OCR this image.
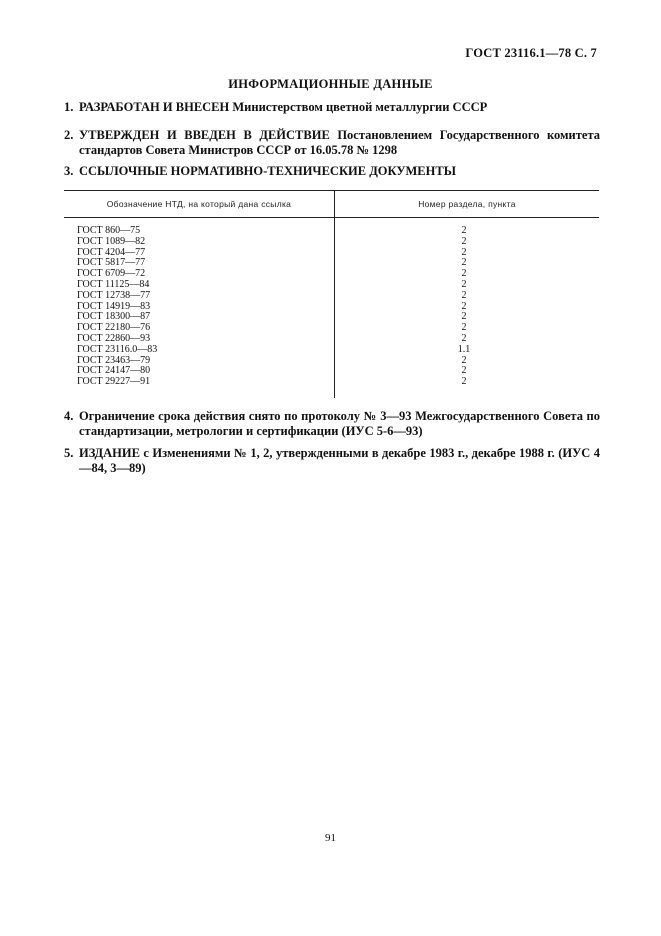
ГОСТ 23116.1—78 С. 7
ИНФОРМАЦИОННЫЕ ДАННЫЕ
1. РАЗРАБОТАН И ВНЕСЕН Министерством цветной металлургии СССР
2. УТВЕРЖДЕН И ВВЕДЕН В ДЕЙСТВИЕ Постановлением Государственного комитета стандартов Совета Министров СССР от 16.05.78 № 1298
3. ССЫЛОЧНЫЕ НОРМАТИВНО-ТЕХНИЧЕСКИЕ ДОКУМЕНТЫ
Обозначение НТД, на который дана ссылка	Номер раздела, пункта
ГОСТ 860—75	2
ГОСТ 1089—82	2
ГОСТ 4204—77	2
ГОСТ 5817—77	2
ГОСТ 6709—72	2
ГОСТ 11125—84	2
ГОСТ 12738—77	2
ГОСТ 14919—83	2
ГОСТ 18300—87	2
ГОСТ 22180—76	2
ГОСТ 22860—93	2
ГОСТ 23116.0—83	1.1
ГОСТ 23463—79	2
ГОСТ 24147—80	2
ГОСТ 29227—91	2
4. Ограничение срока действия снято по протоколу № 3—93 Межгосударственного Совета по стандартизации, метрологии и сертификации (ИУС 5-6—93)
5. ИЗДАНИЕ с Изменениями № 1, 2, утвержденными в декабре 1983 г., декабре 1988 г. (ИУС 4—84, 3—89)
91
